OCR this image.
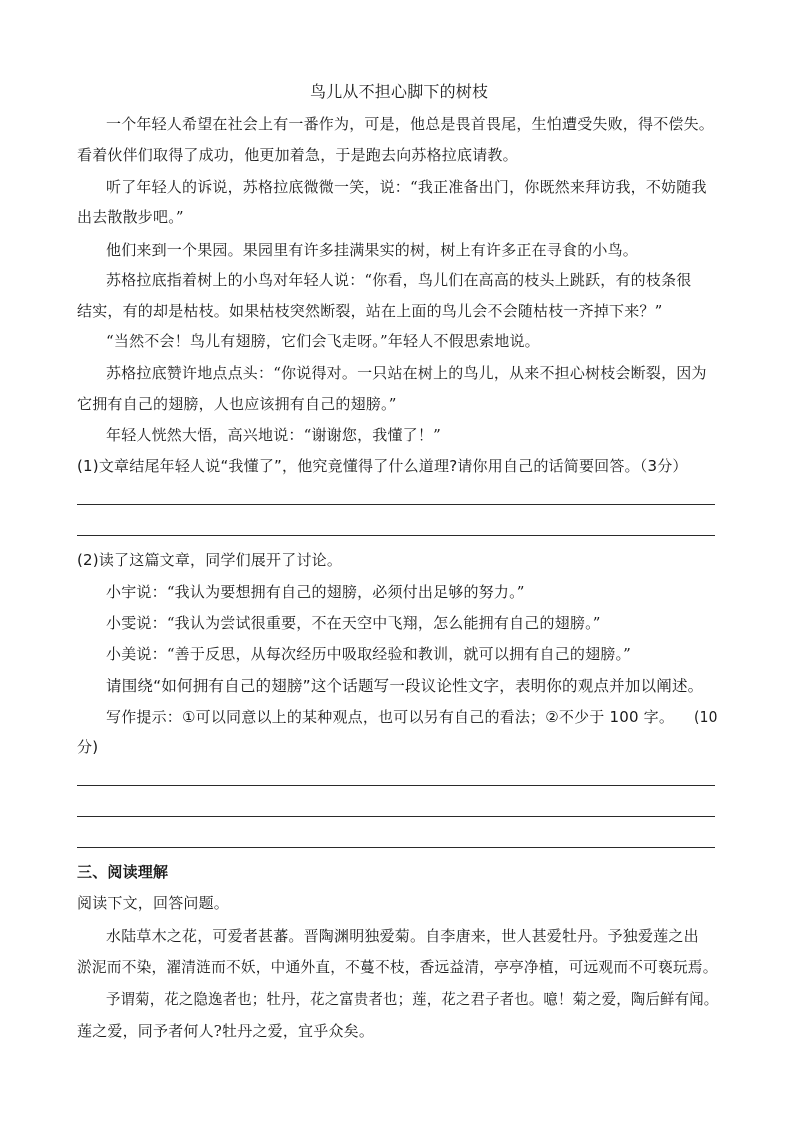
鸟儿从不担心脚下的树枝
一个年轻人希望在社会上有一番作为，可是，他总是畏首畏尾，生怕遭受失败，得不偿失。
看着伙伴们取得了成功，他更加着急，于是跑去向苏格拉底请教。
听了年轻人的诉说，苏格拉底微微一笑，说：“我正准备出门，你既然来拜访我，不妨随我
出去散散步吧。”
他们来到一个果园。果园里有许多挂满果实的树，树上有许多正在寻食的小鸟。
苏格拉底指着树上的小鸟对年轻人说：“你看，鸟儿们在高高的枝头上跳跃，有的枝条很
结实，有的却是枯枝。如果枯枝突然断裂，站在上面的鸟儿会不会随枯枝一齐掉下来？”
“当然不会！鸟儿有翅膀，它们会飞走呀。”年轻人不假思索地说。
苏格拉底赞许地点点头：“你说得对。一只站在树上的鸟儿，从来不担心树枝会断裂，因为
它拥有自己的翅膀，人也应该拥有自己的翅膀。”
年轻人恍然大悟，高兴地说：“谢谢您，我懂了！”
(1)文章结尾年轻人说“我懂了”，他究竟懂得了什么道理?请你用自己的话简要回答。（3分）
(2)读了这篇文章，同学们展开了讨论。
小宇说：“我认为要想拥有自己的翅膀，必须付出足够的努力。”
小雯说：“我认为尝试很重要，不在天空中飞翔，怎么能拥有自己的翅膀。”
小美说：“善于反思，从每次经历中吸取经验和教训，就可以拥有自己的翅膀。”
请围绕“如何拥有自己的翅膀”这个话题写一段议论性文字，表明你的观点并加以阐述。
写作提示：①可以同意以上的某种观点，也可以另有自己的看法；②不少于 100 字。 (10
分)
三、阅读理解
阅读下文，回答问题。
水陆草木之花，可爱者甚蕃。晋陶渊明独爱菊。自李唐来，世人甚爱牡丹。予独爱莲之出
淤泥而不染，濯清涟而不妖，中通外直，不蔓不枝，香远益清，亭亭净植，可远观而不可亵玩焉。
予谓菊，花之隐逸者也；牡丹，花之富贵者也；莲，花之君子者也。噫！菊之爱，陶后鲜有闻。
莲之爱，同予者何人?牡丹之爱，宜乎众矣。
